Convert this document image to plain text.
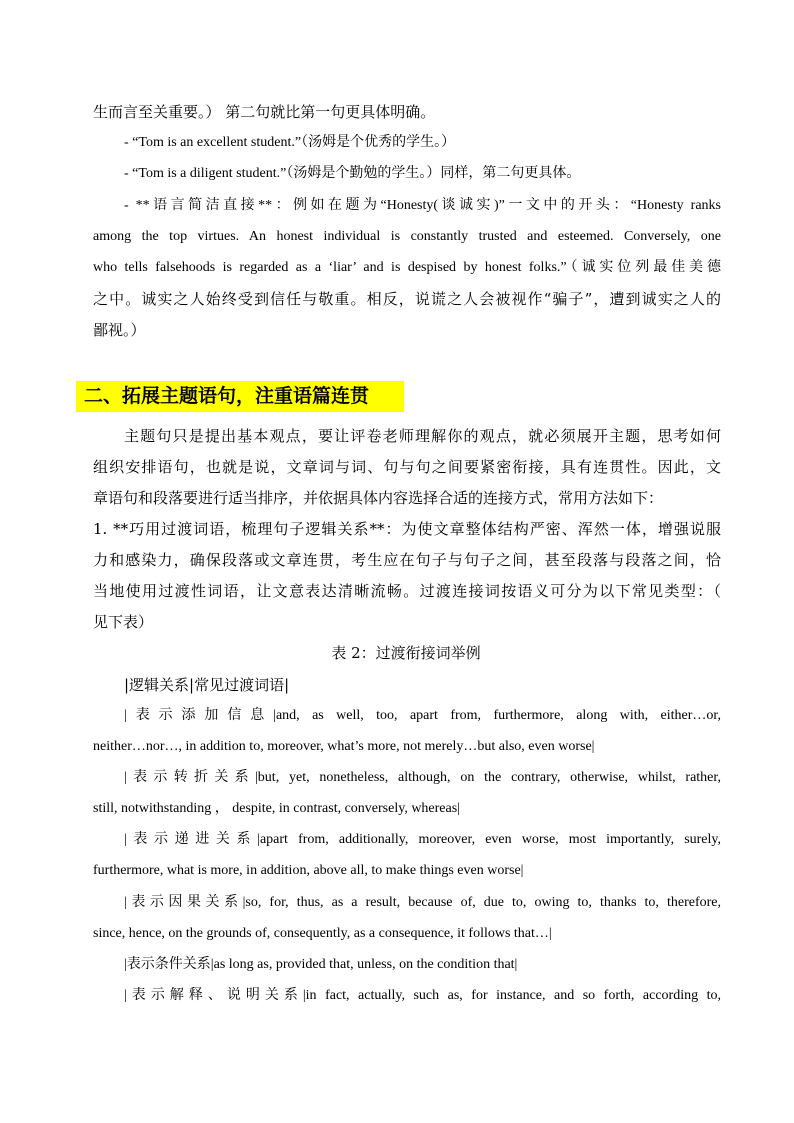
生而言至关重要。） 第二句就比第一句更具体明确。
- “Tom is an excellent student.”（汤姆是个优秀的学生。）
- “Tom is a diligent student.”（汤姆是个勤勉的学生。）同样，第二句更具体。
- **语言简洁直接**：例如在题为“Honesty(谈诚实)”一文中的开头：“Honesty ranks
among the top virtues. An honest individual is constantly trusted and esteemed. Conversely, one
who tells falsehoods is regarded as a ‘liar’ and is despised by honest folks.”（诚实位列最佳美德
之中。诚实之人始终受到信任与敬重。相反，说谎之人会被视作“骗子”，遭到诚实之人的
鄙视。）
二、拓展主题语句，注重语篇连贯
主题句只是提出基本观点，要让评卷老师理解你的观点，就必须展开主题，思考如何
组织安排语句，也就是说，文章词与词、句与句之间要紧密衔接，具有连贯性。因此，文
章语句和段落要进行适当排序，并依据具体内容选择合适的连接方式，常用方法如下：
1. **巧用过渡词语，梳理句子逻辑关系**：为使文章整体结构严密、浑然一体，增强说服
力和感染力，确保段落或文章连贯，考生应在句子与句子之间，甚至段落与段落之间，恰
当地使用过渡性词语，让文意表达清晰流畅。过渡连接词按语义可分为以下常见类型：（
见下表）
表 2：过渡衔接词举例
|逻辑关系|常见过渡词语|
|表示添加信息|and, as well, too, apart from, furthermore, along with, either…or,
neither…nor…, in addition to, moreover, what’s more, not merely…but also, even worse|
|表示转折关系|but, yet, nonetheless, although, on the contrary, otherwise, whilst, rather,
still, notwithstanding ， despite, in contrast, conversely, whereas|
|表示递进关系|apart from, additionally, moreover, even worse, most importantly, surely,
furthermore, what is more, in addition, above all, to make things even worse|
|表示因果关系|so, for, thus, as a result, because of, due to, owing to, thanks to, therefore,
since, hence, on the grounds of, consequently, as a consequence, it follows that…|
|表示条件关系|as long as, provided that, unless, on the condition that|
|表示解释、说明关系|in fact, actually, such as, for instance, and so forth, according to,
